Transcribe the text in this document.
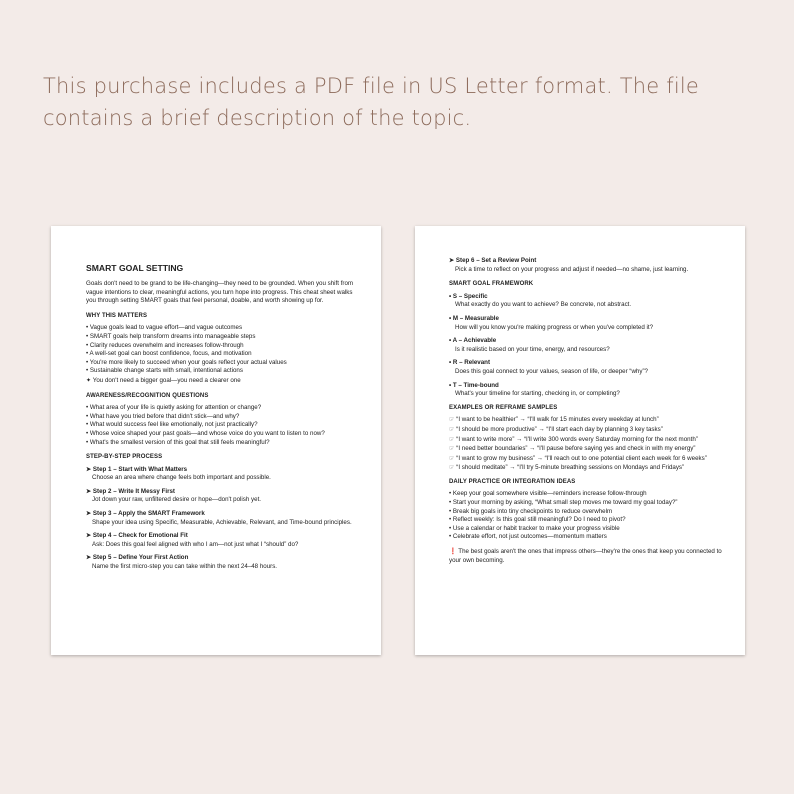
This purchase includes a PDF file in US Letter format. The file contains a brief description of the topic.

SMART GOAL SETTING

Goals don't need to be grand to be life-changing—they need to be grounded. When you shift from vague intentions to clear, meaningful actions, you turn hope into progress. This cheat sheet walks you through setting SMART goals that feel personal, doable, and worth showing up for.

WHY THIS MATTERS
• Vague goals lead to vague effort—and vague outcomes
• SMART goals help transform dreams into manageable steps
• Clarity reduces overwhelm and increases follow-through
• A well-set goal can boost confidence, focus, and motivation
• You're more likely to succeed when your goals reflect your actual values
• Sustainable change starts with small, intentional actions

✦ You don't need a bigger goal—you need a clearer one

AWARENESS/RECOGNITION QUESTIONS
• What area of your life is quietly asking for attention or change?
• What have you tried before that didn't stick—and why?
• What would success feel like emotionally, not just practically?
• Whose voice shaped your past goals—and whose voice do you want to listen to now?
• What's the smallest version of this goal that still feels meaningful?
STEP-BY-STEP PROCESS
➤ Step 1 – Start with What Matters
Choose an area where change feels both important and possible.
➤ Step 2 – Write It Messy First
Jot down your raw, unfiltered desire or hope—don't polish yet.
➤ Step 3 – Apply the SMART Framework
Shape your idea using Specific, Measurable, Achievable, Relevant, and Time-bound principles.
➤ Step 4 – Check for Emotional Fit
Ask: Does this goal feel aligned with who I am—not just what I “should” do?
➤ Step 5 – Define Your First Action
Name the first micro-step you can take within the next 24–48 hours.
➤ Step 6 – Set a Review Point
Pick a time to reflect on your progress and adjust if needed—no shame, just learning.
SMART GOAL FRAMEWORK
• S – Specific
What exactly do you want to achieve? Be concrete, not abstract.
• M – Measurable
How will you know you're making progress or when you've completed it?
• A – Achievable
Is it realistic based on your time, energy, and resources?
• R – Relevant
Does this goal connect to your values, season of life, or deeper “why”?
• T – Time-bound
What's your timeline for starting, checking in, or completing?
EXAMPLES OR REFRAME SAMPLES

☞ “I want to be healthier” → “I'll walk for 15 minutes every weekday at lunch”

☞ “I should be more productive” → “I'll start each day by planning 3 key tasks”

☞ “I want to write more” → “I'll write 300 words every Saturday morning for the next month”

☞ “I need better boundaries” → “I'll pause before saying yes and check in with my energy”

☞ “I want to grow my business” → “I'll reach out to one potential client each week for 6 weeks”

☞ “I should meditate” → “I'll try 5-minute breathing sessions on Mondays and Fridays”

DAILY PRACTICE OR INTEGRATION IDEAS
• Keep your goal somewhere visible—reminders increase follow-through
• Start your morning by asking, “What small step moves me toward my goal today?”
• Break big goals into tiny checkpoints to reduce overwhelm
• Reflect weekly: Is this goal still meaningful? Do I need to pivot?
• Use a calendar or habit tracker to make your progress visible
• Celebrate effort, not just outcomes—momentum matters

❗ The best goals aren't the ones that impress others—they're the ones that keep you connected to your own becoming.
